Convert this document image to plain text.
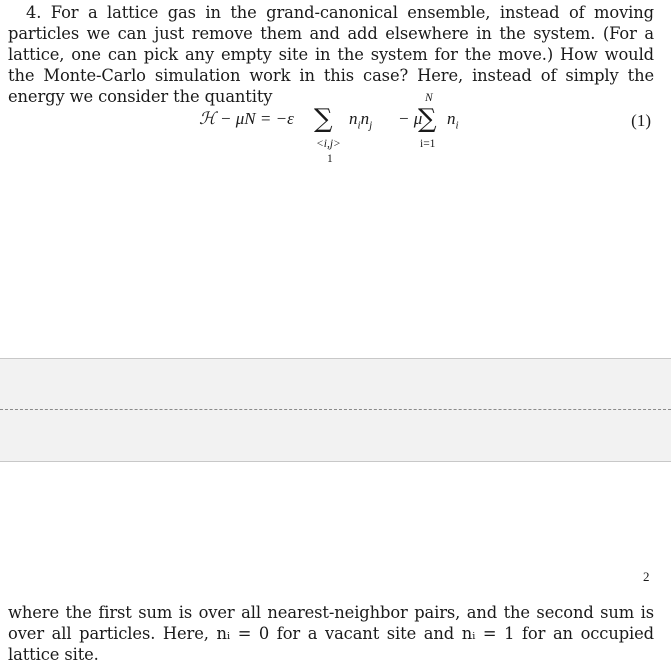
4. For a lattice gas in the grand-canonical ensemble, instead of moving particles we can just remove them and add elsewhere in the system. (For a lattice, one can pick any empty site in the system for the move.) How would the Monte-Carlo simulation work in this case? Here, instead of simply the energy we consider the quantity

ℋ − μN = −ε ∑
<i,j>
1
$n_in_j - \mu$
N
∑
i=1
$n_i$	(1)
2

where the first sum is over all nearest-neighbor pairs, and the second sum is over all particles. Here, nᵢ = 0 for a vacant site and nᵢ = 1 for an occupied lattice site.
